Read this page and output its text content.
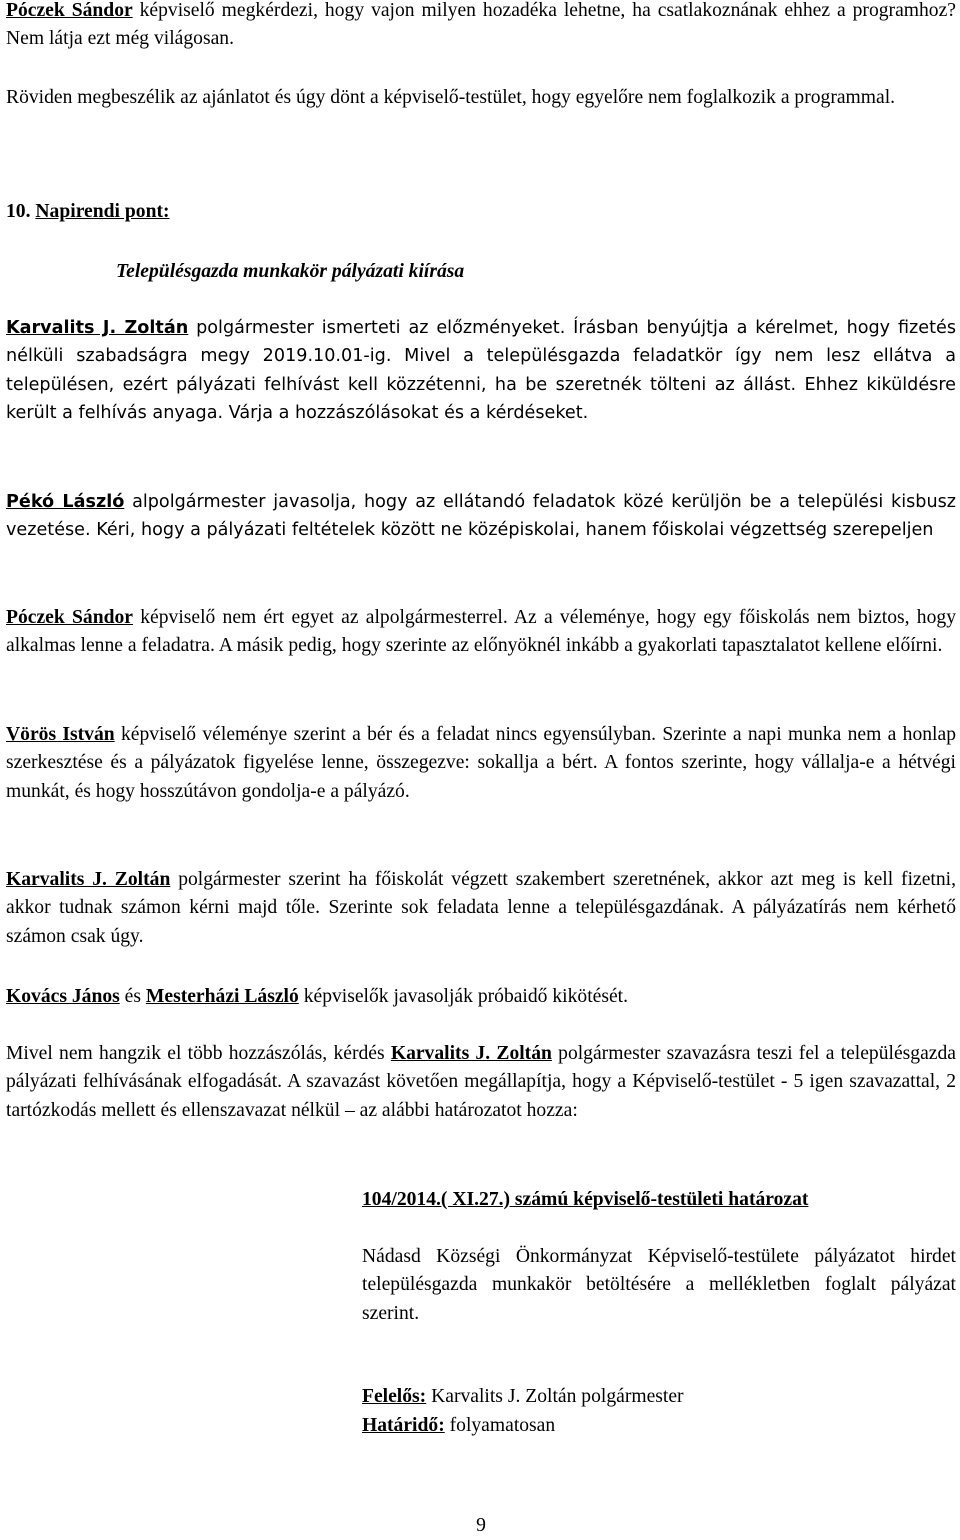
Póczek Sándor képviselő megkérdezi, hogy vajon milyen hozadéka lehetne, ha csatlakoznának ehhez a programhoz? Nem látja ezt még világosan.

Röviden megbeszélik az ajánlatot és úgy dönt a képviselő-testület, hogy egyelőre nem foglalkozik a programmal.

10. Napirendi pont:
Településgazda munkakör pályázati kiírása

Karvalits J. Zoltán polgármester ismerteti az előzményeket. Írásban benyújtja a kérelmet, hogy fizetés nélküli szabadságra megy 2019.10.01-ig. Mivel a településgazda feladatkör így nem lesz ellátva a településen, ezért pályázati felhívást kell közzétenni, ha be szeretnék tölteni az állást. Ehhez kiküldésre került a felhívás anyaga. Várja a hozzászólásokat és a kérdéseket.

Pékó László alpolgármester javasolja, hogy az ellátandó feladatok közé kerüljön be a települési kisbusz vezetése. Kéri, hogy a pályázati feltételek között ne középiskolai, hanem főiskolai végzettség szerepeljen

Póczek Sándor képviselő nem ért egyet az alpolgármesterrel. Az a véleménye, hogy egy főiskolás nem biztos, hogy alkalmas lenne a feladatra. A másik pedig, hogy szerinte az előnyöknél inkább a gyakorlati tapasztalatot kellene előírni.

Vörös István képviselő véleménye szerint a bér és a feladat nincs egyensúlyban. Szerinte a napi munka nem a honlap szerkesztése és a pályázatok figyelése lenne, összegezve: sokallja a bért. A fontos szerinte, hogy vállalja-e a hétvégi munkát, és hogy hosszútávon gondolja-e a pályázó.

Karvalits J. Zoltán polgármester szerint ha főiskolát végzett szakembert szeretnének, akkor azt meg is kell fizetni, akkor tudnak számon kérni majd tőle. Szerinte sok feladata lenne a településgazdának. A pályázatírás nem kérhető számon csak úgy.

Kovács János és Mesterházi László képviselők javasolják próbaidő kikötését.

Mivel nem hangzik el több hozzászólás, kérdés Karvalits J. Zoltán polgármester szavazásra teszi fel a településgazda pályázati felhívásának elfogadását. A szavazást követően megállapítja, hogy a Képviselő-testület - 5 igen szavazattal, 2 tartózkodás mellett és ellenszavazat nélkül – az alábbi határozatot hozza:

104/2014.( XI.27.) számú képviselő-testületi határozat

Nádasd Községi Önkormányzat Képviselő-testülete pályázatot hirdet településgazda munkakör betöltésére a mellékletben foglalt pályázat szerint.

Felelős: Karvalits J. Zoltán polgármester
Határidő: folyamatosan
9
